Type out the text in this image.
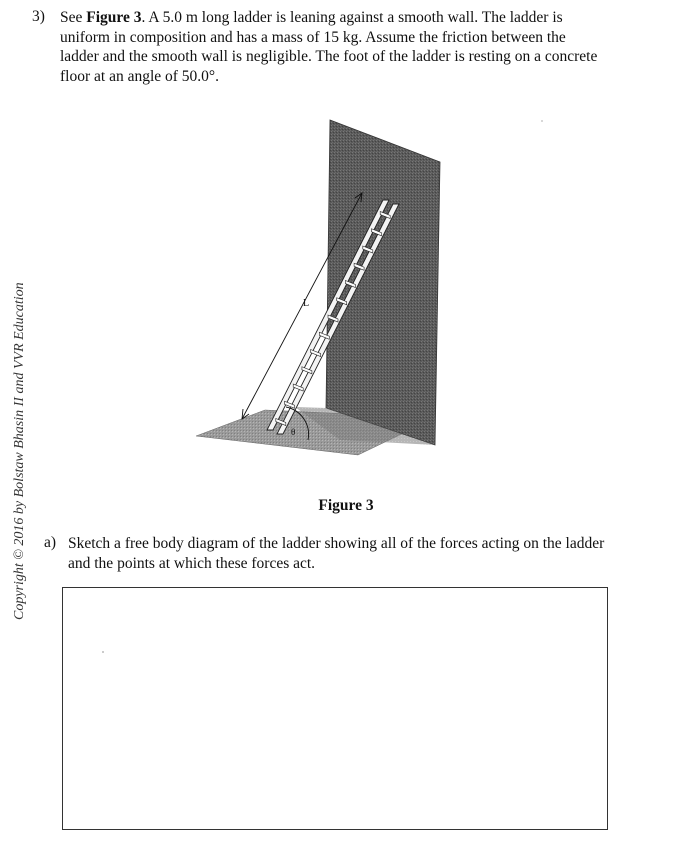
Copyright © 2016 by Bolstaw Bhasin II and VVR Education
3) See Figure 3. A 5.0 m long ladder is leaning against a smooth wall. The ladder is uniform in composition and has a mass of 15 kg. Assume the friction between the ladder and the smooth wall is negligible. The foot of the ladder is resting on a concrete floor at an angle of 50.0°.
L
θ
Figure 3
a) Sketch a free body diagram of the ladder showing all of the forces acting on the ladder and the points at which these forces act.
